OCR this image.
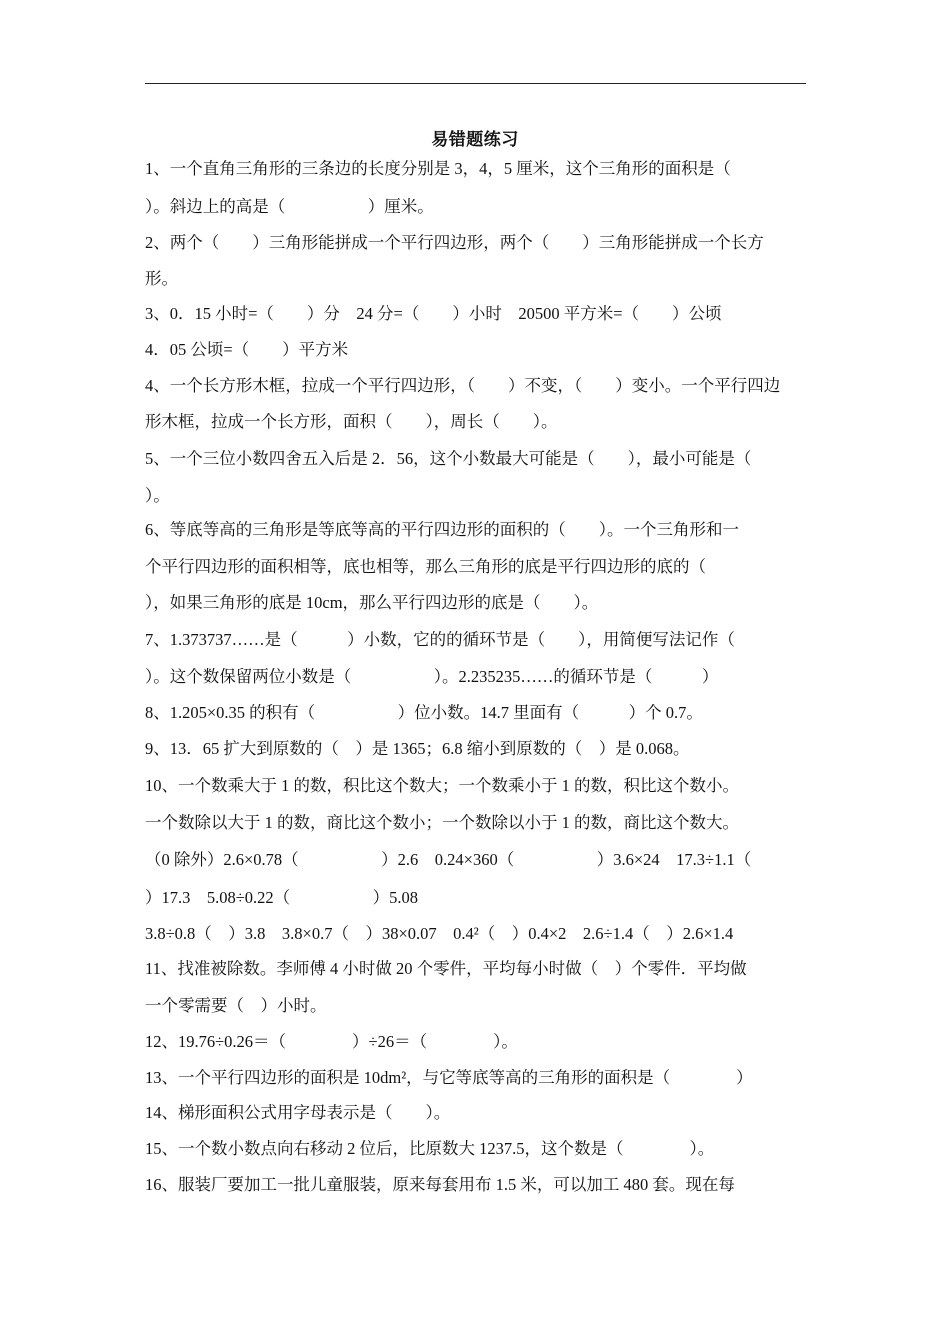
易错题练习
1、一个直角三角形的三条边的长度分别是 3，4，5 厘米，这个三角形的面积是（
）。斜边上的高是（　　　　　）厘米。
2、两个（　　）三角形能拼成一个平行四边形，两个（　　）三角形能拼成一个长方
形。
3、0．15 小时=（　　）分　24 分=（　　）小时　20500 平方米=（　　）公顷
4．05 公顷=（　　）平方米
4、一个长方形木框，拉成一个平行四边形，（　　）不变，（　　）变小。一个平行四边
形木框，拉成一个长方形，面积（　　），周长（　　）。
5、一个三位小数四舍五入后是 2．56，这个小数最大可能是（　　），最小可能是（
）。
6、等底等高的三角形是等底等高的平行四边形的面积的（　　）。一个三角形和一
个平行四边形的面积相等，底也相等，那么三角形的底是平行四边形的底的（
），如果三角形的底是 10cm，那么平行四边形的底是（　　）。
7、1.373737……是（　　　）小数，它的的循环节是（　　），用简便写法记作（
）。这个数保留两位小数是（　　　　　）。2.235235……的循环节是（　　　）
8、1.205×0.35 的积有（　　　　　）位小数。14.7 里面有（　　　）个 0.7。
9、13．65 扩大到原数的（　）是 1365；6.8 缩小到原数的（　）是 0.068。
10、一个数乘大于 1 的数，积比这个数大；一个数乘小于 1 的数，积比这个数小。
一个数除以大于 1 的数，商比这个数小；一个数除以小于 1 的数，商比这个数大。
（0 除外）2.6×0.78（　　　　　）2.6　0.24×360（　　　　　）3.6×24　17.3÷1.1（
）17.3　5.08÷0.22（　　　　　）5.08
3.8÷0.8（　）3.8　3.8×0.7（　）38×0.07　0.4²（　）0.4×2　2.6÷1.4（　）2.6×1.4
11、找准被除数。李师傅 4 小时做 20 个零件，平均每小时做（　）个零件．平均做
一个零需要（　）小时。
12、19.76÷0.26＝（　　　　）÷26＝（　　　　）。
13、一个平行四边形的面积是 10dm²，与它等底等高的三角形的面积是（　　　　）
14、梯形面积公式用字母表示是（　　）。
15、一个数小数点向右移动 2 位后，比原数大 1237.5，这个数是（　　　　）。
16、服装厂要加工一批儿童服装，原来每套用布 1.5 米，可以加工 480 套。现在每
